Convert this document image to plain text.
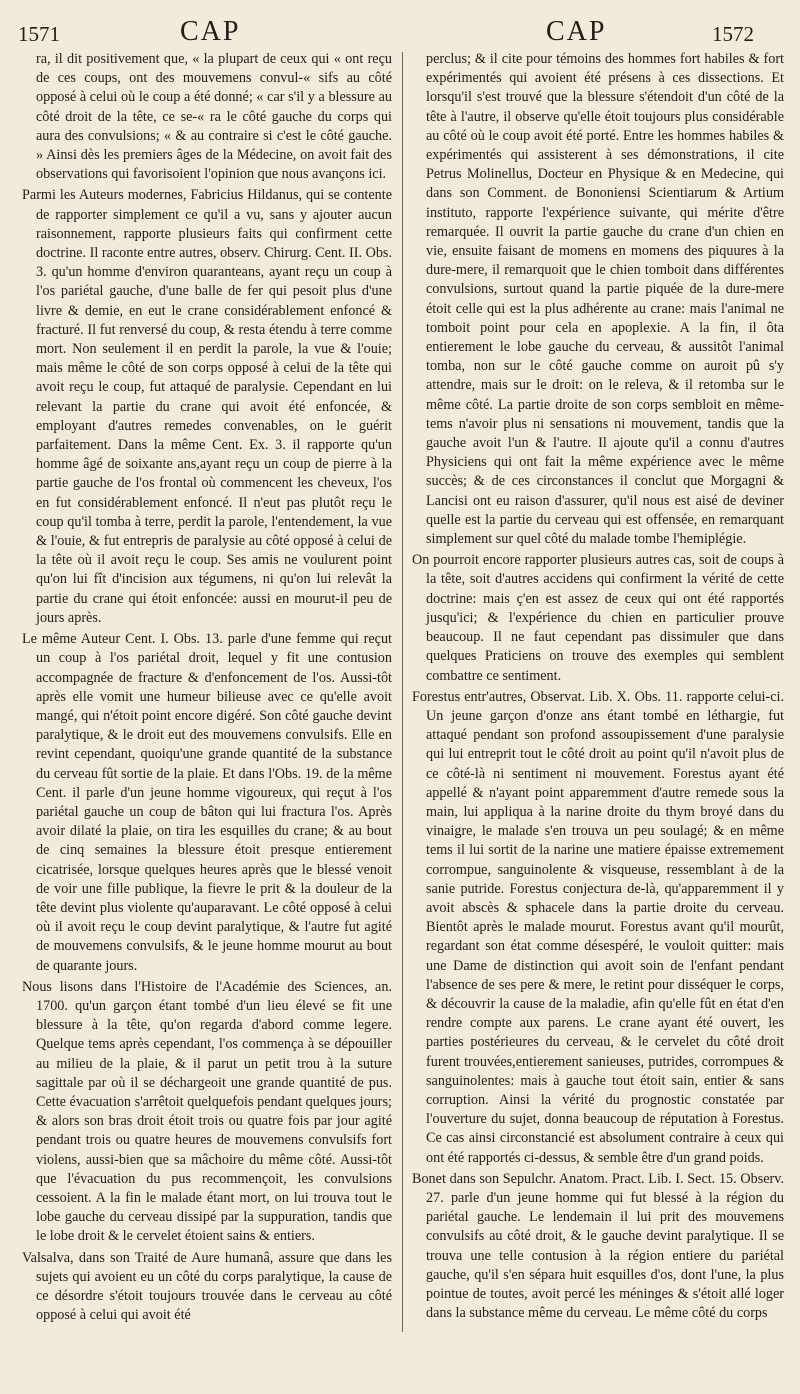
1571	CAP	CAP	1572

ra, il dit positivement que, « la plupart de ceux qui « ont reçu de ces coups, ont des mouvemens convul-« sifs au côté opposé à celui où le coup a été donné; « car s'il y a blessure au côté droit de la tête, ce se-« ra le côté gauche du corps qui aura des convulsions; « & au contraire si c'est le côté gauche. » Ainsi dès les premiers âges de la Médecine, on avoit fait des observations qui favorisoient l'opinion que nous avançons ici.

Parmi les Auteurs modernes, Fabricius Hildanus, qui se contente de rapporter simplement ce qu'il a vu, sans y ajouter aucun raisonnement, rapporte plusieurs faits qui confirment cette doctrine. Il raconte entre autres, observ. Chirurg. Cent. II. Obs. 3. qu'un homme d'environ quaranteans, ayant reçu un coup à l'os pariétal gauche, d'une balle de fer qui pesoit plus d'une livre & demie, en eut le crane considérablement enfoncé & fracturé. Il fut renversé du coup, & resta étendu à terre comme mort. Non seulement il en perdit la parole, la vue & l'ouie; mais même le côté de son corps opposé à celui de la tête qui avoit reçu le coup, fut attaqué de paralysie. Cependant en lui relevant la partie du crane qui avoit été enfoncée, & employant d'autres remedes convenables, on le guérit parfaitement. Dans la même Cent. Ex. 3. il rapporte qu'un homme âgé de soixante ans,ayant reçu un coup de pierre à la partie gauche de l'os frontal où commencent les cheveux, l'os en fut considérablement enfoncé. Il n'eut pas plutôt reçu le coup qu'il tomba à terre, perdit la parole, l'entendement, la vue & l'ouie, & fut entrepris de paralysie au côté opposé à celui de la tête où il avoit reçu le coup. Ses amis ne voulurent point qu'on lui fît d'incision aux tégumens, ni qu'on lui relevât la partie du crane qui étoit enfoncée: aussi en mourut-il peu de jours après.

Le même Auteur Cent. I. Obs. 13. parle d'une femme qui reçut un coup à l'os pariétal droit, lequel y fit une contusion accompagnée de fracture & d'enfoncement de l'os. Aussi-tôt après elle vomit une humeur bilieuse avec ce qu'elle avoit mangé, qui n'étoit point encore digéré. Son côté gauche devint paralytique, & le droit eut des mouvemens convulsifs. Elle en revint cependant, quoiqu'une grande quantité de la substance du cerveau fût sortie de la plaie. Et dans l'Obs. 19. de la même Cent. il parle d'un jeune homme vigoureux, qui reçut à l'os pariétal gauche un coup de bâton qui lui fractura l'os. Après avoir dilaté la plaie, on tira les esquilles du crane; & au bout de cinq semaines la blessure étoit presque entierement cicatrisée, lorsque quelques heures après que le blessé venoit de voir une fille publique, la fievre le prit & la douleur de la tête devint plus violente qu'auparavant. Le côté opposé à celui où il avoit reçu le coup devint paralytique, & l'autre fut agité de mouvemens convulsifs, & le jeune homme mourut au bout de quarante jours.

Nous lisons dans l'Histoire de l'Académie des Sciences, an. 1700. qu'un garçon étant tombé d'un lieu élevé se fit une blessure à la tête, qu'on regarda d'abord comme legere. Quelque tems après cependant, l'os commença à se dépouiller au milieu de la plaie, & il parut un petit trou à la suture sagittale par où il se déchargeoit une grande quantité de pus. Cette évacuation s'arrêtoit quelquefois pendant quelques jours; & alors son bras droit étoit trois ou quatre fois par jour agité pendant trois ou quatre heures de mouvemens convulsifs fort violens, aussi-bien que sa mâchoire du même côté. Aussi-tôt que l'évacuation du pus recommençoit, les convulsions cessoient. A la fin le malade étant mort, on lui trouva tout le lobe gauche du cerveau dissipé par la suppuration, tandis que le lobe droit & le cervelet étoient sains & entiers.

Valsalva, dans son Traité de Aure humanâ, assure que dans les sujets qui avoient eu un côté du corps paralytique, la cause de ce désordre s'étoit toujours trouvée dans le cerveau au côté opposé à celui qui avoit été

perclus; & il cite pour témoins des hommes fort habiles & fort expérimentés qui avoient été présens à ces dissections. Et lorsqu'il s'est trouvé que la blessure s'étendoit d'un côté de la tête à l'autre, il observe qu'elle étoit toujours plus considérable au côté où le coup avoit été porté. Entre les hommes habiles & expérimentés qui assisterent à ses démonstrations, il cite Petrus Molinellus, Docteur en Physique & en Medecine, qui dans son Comment. de Bononiensi Scientiarum & Artium instituto, rapporte l'expérience suivante, qui mérite d'être remarquée. Il ouvrit la partie gauche du crane d'un chien en vie, ensuite faisant de momens en momens des piquures à la dure-mere, il remarquoit que le chien tomboit dans différentes convulsions, surtout quand la partie piquée de la dure-mere étoit celle qui est la plus adhérente au crane: mais l'animal ne tomboit point pour cela en apoplexie. A la fin, il ôta entierement le lobe gauche du cerveau, & aussitôt l'animal tomba, non sur le côté gauche comme on auroit pû s'y attendre, mais sur le droit: on le releva, & il retomba sur le même côté. La partie droite de son corps sembloit en même-tems n'avoir plus ni sensations ni mouvement, tandis que la gauche avoit l'un & l'autre. Il ajoute qu'il a connu d'autres Physiciens qui ont fait la même expérience avec le même succès; & de ces circonstances il conclut que Morgagni & Lancisi ont eu raison d'assurer, qu'il nous est aisé de deviner quelle est la partie du cerveau qui est offensée, en remarquant simplement sur quel côté du malade tombe l'hemiplégie.

On pourroit encore rapporter plusieurs autres cas, soit de coups à la tête, soit d'autres accidens qui confirment la vérité de cette doctrine: mais ç'en est assez de ceux qui ont été rapportés jusqu'ici; & l'expérience du chien en particulier prouve beaucoup. Il ne faut cependant pas dissimuler que dans quelques Praticiens on trouve des exemples qui semblent combattre ce sentiment.

Forestus entr'autres, Observat. Lib. X. Obs. 11. rapporte celui-ci. Un jeune garçon d'onze ans étant tombé en léthargie, fut attaqué pendant son profond assoupissement d'une paralysie qui lui entreprit tout le côté droit au point qu'il n'avoit plus de ce côté-là ni sentiment ni mouvement. Forestus ayant été appellé & n'ayant point apparemment d'autre remede sous la main, lui appliqua à la narine droite du thym broyé dans du vinaigre, le malade s'en trouva un peu soulagé; & en même tems il lui sortit de la narine une matiere épaisse extremement corrompue, sanguinolente & visqueuse, ressemblant à de la sanie putride. Forestus conjectura de-là, qu'apparemment il y avoit abscès & sphacele dans la partie droite du cerveau. Bientôt après le malade mourut. Forestus avant qu'il mourût, regardant son état comme désespéré, le vouloit quitter: mais une Dame de distinction qui avoit soin de l'enfant pendant l'absence de ses pere & mere, le retint pour disséquer le corps, & découvrir la cause de la maladie, afin qu'elle fût en état d'en rendre compte aux parens. Le crane ayant été ouvert, les parties postérieures du cerveau, & le cervelet du côté droit furent trouvées,entierement sanieuses, putrides, corrompues & sanguinolentes: mais à gauche tout étoit sain, entier & sans corruption. Ainsi la vérité du prognostic constatée par l'ouverture du sujet, donna beaucoup de réputation à Forestus. Ce cas ainsi circonstancié est absolument contraire à ceux qui ont été rapportés ci-dessus, & semble être d'un grand poids.

Bonet dans son Sepulchr. Anatom. Pract. Lib. I. Sect. 15. Observ. 27. parle d'un jeune homme qui fut blessé à la région du pariétal gauche. Le lendemain il lui prit des mouvemens convulsifs au côté droit, & le gauche devint paralytique. Il se trouva une telle contusion à la région entiere du pariétal gauche, qu'il s'en sépara huit esquilles d'os, dont l'une, la plus pointue de toutes, avoit percé les méninges & s'étoit allé loger dans la substance même du cerveau. Le même côté du corps
